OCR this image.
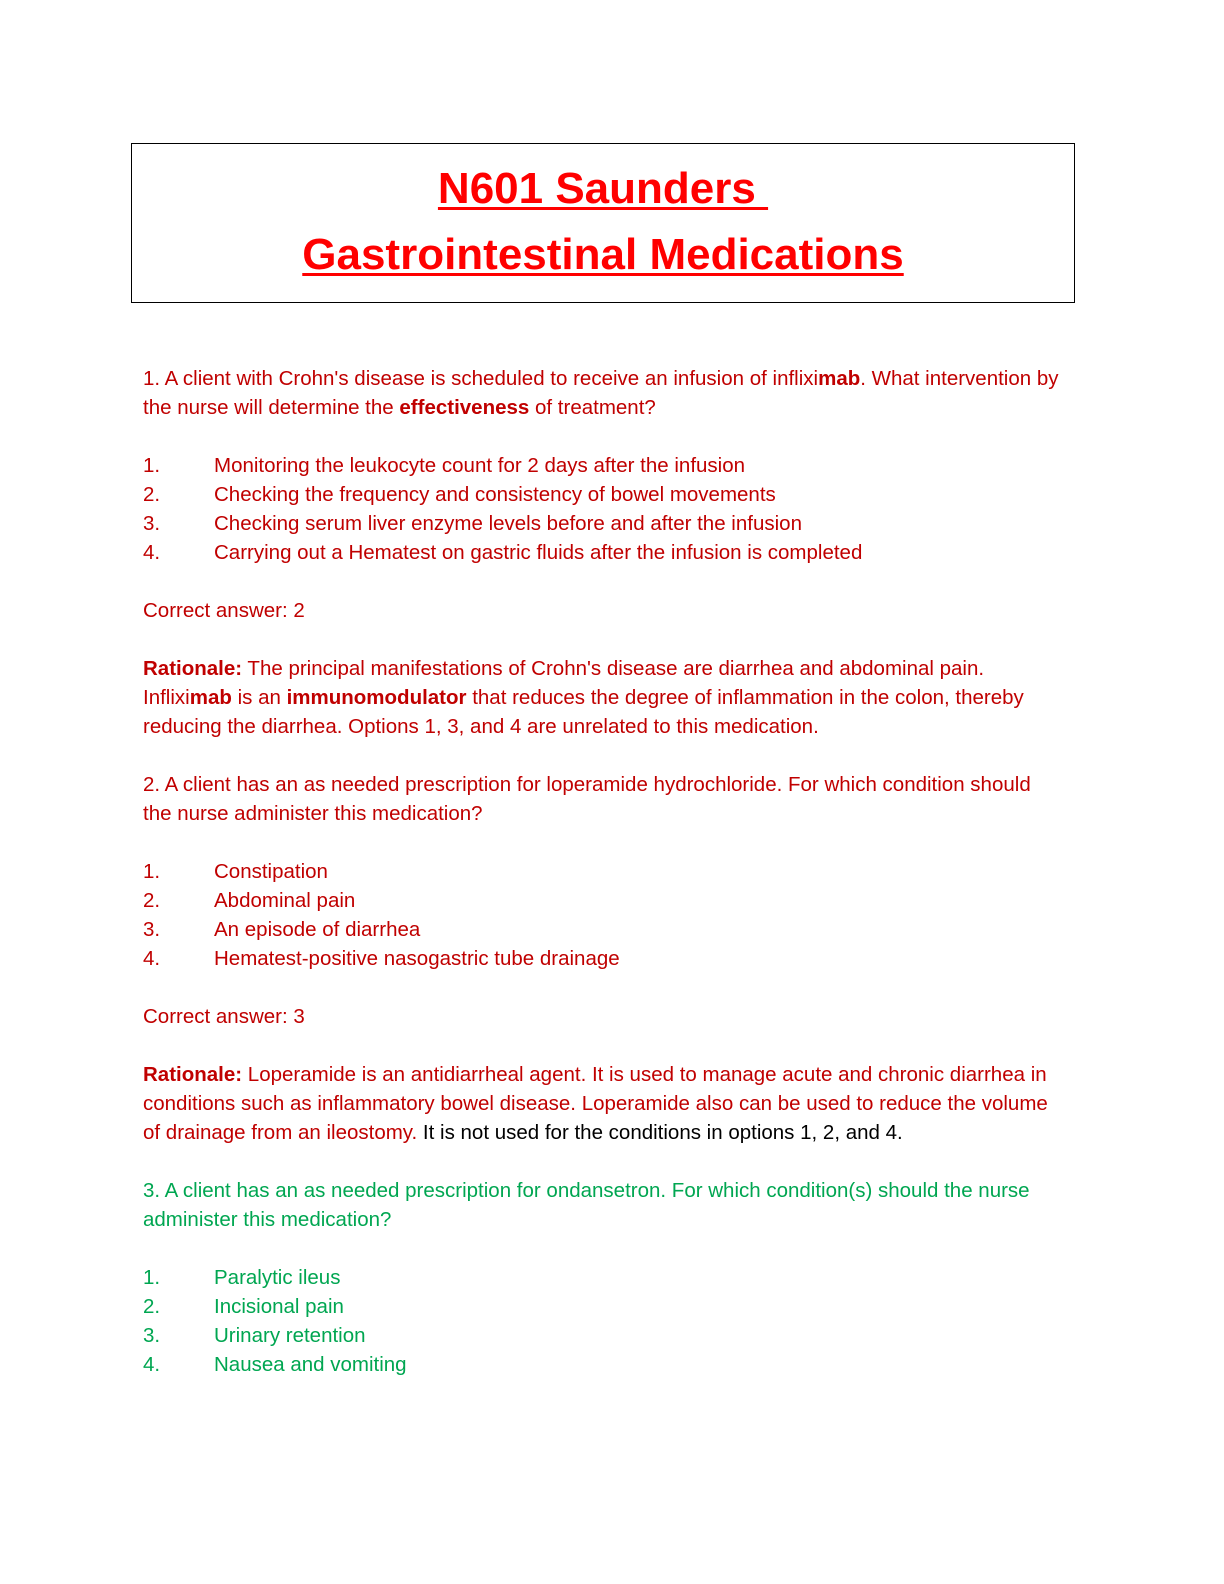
N601 Saunders
Gastrointestinal Medications

1. A client with Crohn's disease is scheduled to receive an infusion of infliximab. What intervention by the nurse will determine the effectiveness of treatment?

1.	Monitoring the leukocyte count for 2 days after the infusion
2.	Checking the frequency and consistency of bowel movements
3.	Checking serum liver enzyme levels before and after the infusion
4.	Carrying out a Hematest on gastric fluids after the infusion is completed

Correct answer: 2

Rationale: The principal manifestations of Crohn's disease are diarrhea and abdominal pain. Infliximab is an immunomodulator that reduces the degree of inflammation in the colon, thereby reducing the diarrhea. Options 1, 3, and 4 are unrelated to this medication.

2. A client has an as needed prescription for loperamide hydrochloride. For which condition should the nurse administer this medication?

1.	Constipation
2.	Abdominal pain
3.	An episode of diarrhea
4.	Hematest-positive nasogastric tube drainage

Correct answer: 3

Rationale: Loperamide is an antidiarrheal agent. It is used to manage acute and chronic diarrhea in conditions such as inflammatory bowel disease. Loperamide also can be used to reduce the volume of drainage from an ileostomy. It is not used for the conditions in options 1, 2, and 4.

3. A client has an as needed prescription for ondansetron. For which condition(s) should the nurse administer this medication?

1.	Paralytic ileus
2.	Incisional pain
3.	Urinary retention
4.	Nausea and vomiting
